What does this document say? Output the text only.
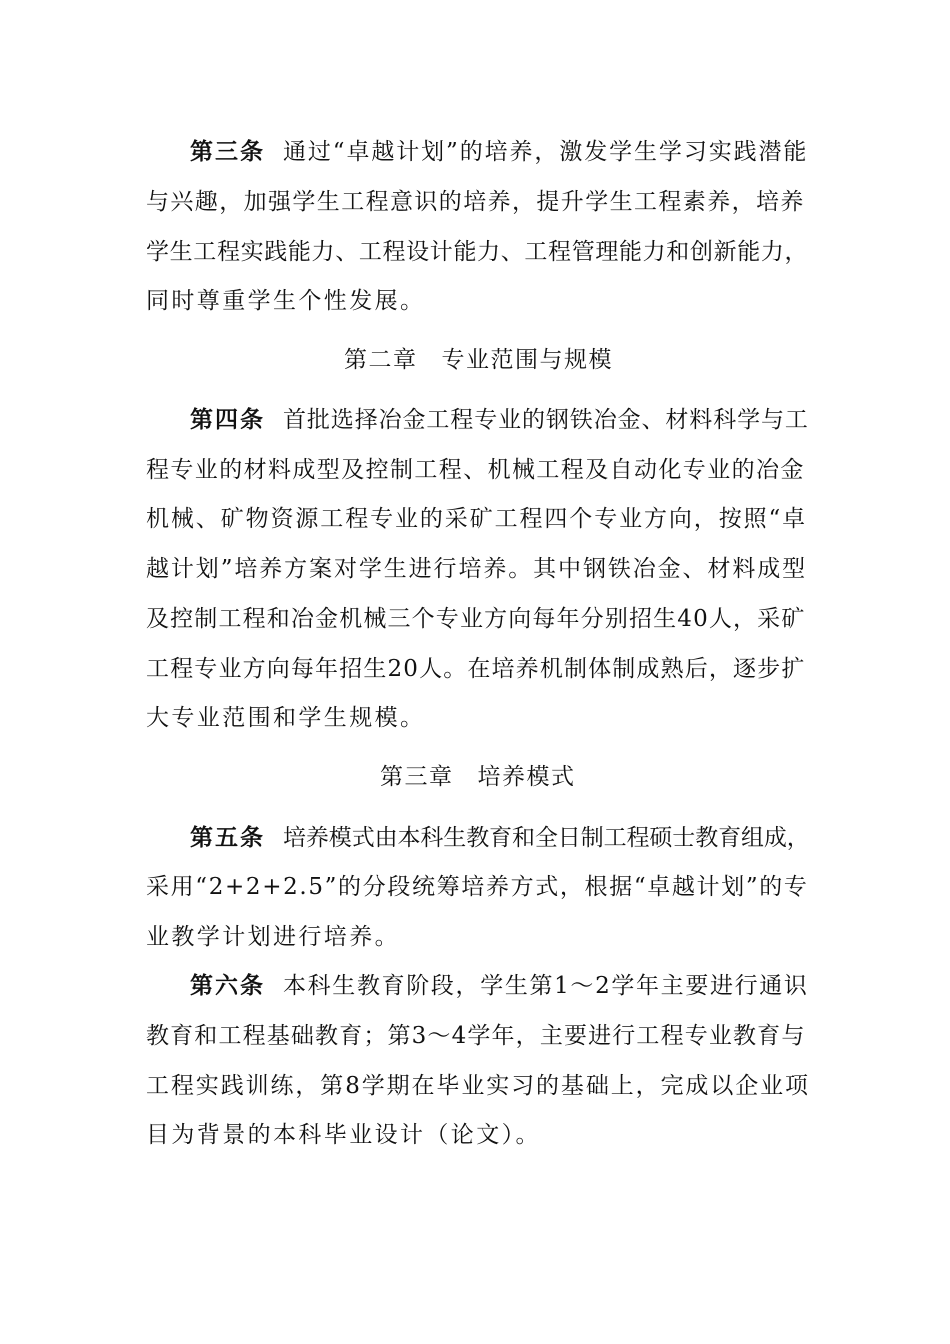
第三条 通过“卓越计划”的培养，激发学生学习实践潜能
与兴趣，加强学生工程意识的培养，提升学生工程素养，培养
学生工程实践能力、工程设计能力、工程管理能力和创新能力，
同时尊重学生个性发展。
第二章 专业范围与规模
第四条 首批选择冶金工程专业的钢铁冶金、材料科学与工
程专业的材料成型及控制工程、机械工程及自动化专业的冶金
机械、矿物资源工程专业的采矿工程四个专业方向，按照“卓
越计划”培养方案对学生进行培养。其中钢铁冶金、材料成型
及控制工程和冶金机械三个专业方向每年分别招生40人，采矿
工程专业方向每年招生20人。在培养机制体制成熟后，逐步扩
大专业范围和学生规模。
第三章 培养模式
第五条 培养模式由本科生教育和全日制工程硕士教育组成，
采用“2+2+2.5”的分段统筹培养方式，根据“卓越计划”的专
业教学计划进行培养。
第六条 本科生教育阶段，学生第1～2学年主要进行通识
教育和工程基础教育；第3～4学年，主要进行工程专业教育与
工程实践训练，第8学期在毕业实习的基础上，完成以企业项
目为背景的本科毕业设计（论文）。
